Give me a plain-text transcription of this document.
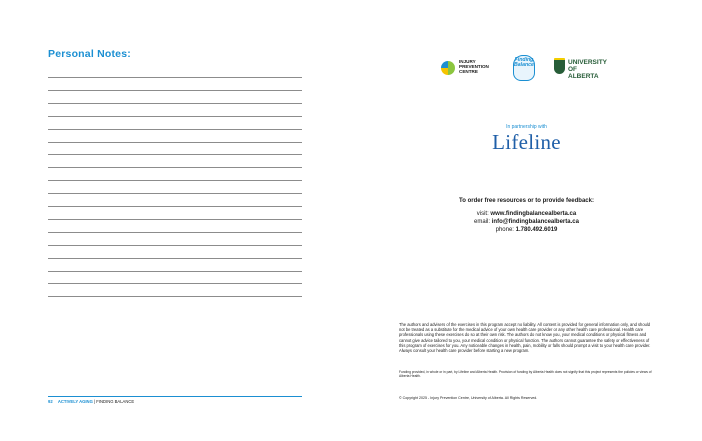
Personal Notes:
92 ACTIVELY AGING | FINDING BALANCE
INJURY
PREVENTION
CENTRE
Finding
Balance	UNIVERSITY
OF ALBERTA
In partnership with
Lifeline
To order free resources or to provide feedback:
visit: www.findingbalancealberta.ca
email: info@findingbalancealberta.ca
phone: 1.780.492.6019
The authors and advisers of the exercises in this program accept no liability. All content is provided for general information only, and should not be treated as a substitute for the medical advice of your own health care provider or any other health care professional. Health care professionals using these exercises do so at their own risk. The authors do not know you, your medical conditions or physical fitness and cannot give advice tailored to you, your medical condition or physical function. The authors cannot guarantee the safety or effectiveness of this program of exercises for you. Any noticeable changes in health, pain, mobility or falls should prompt a visit to your health care provider. Always consult your health care provider before starting a new program.
Funding provided, in whole or in part, by Lifeline and Alberta Health. Provision of funding by Alberta Health does not signify that this project represents the policies or views of Alberta Health.
© Copyright 2025 - Injury Prevention Centre, University of Alberta. All Rights Reserved.
